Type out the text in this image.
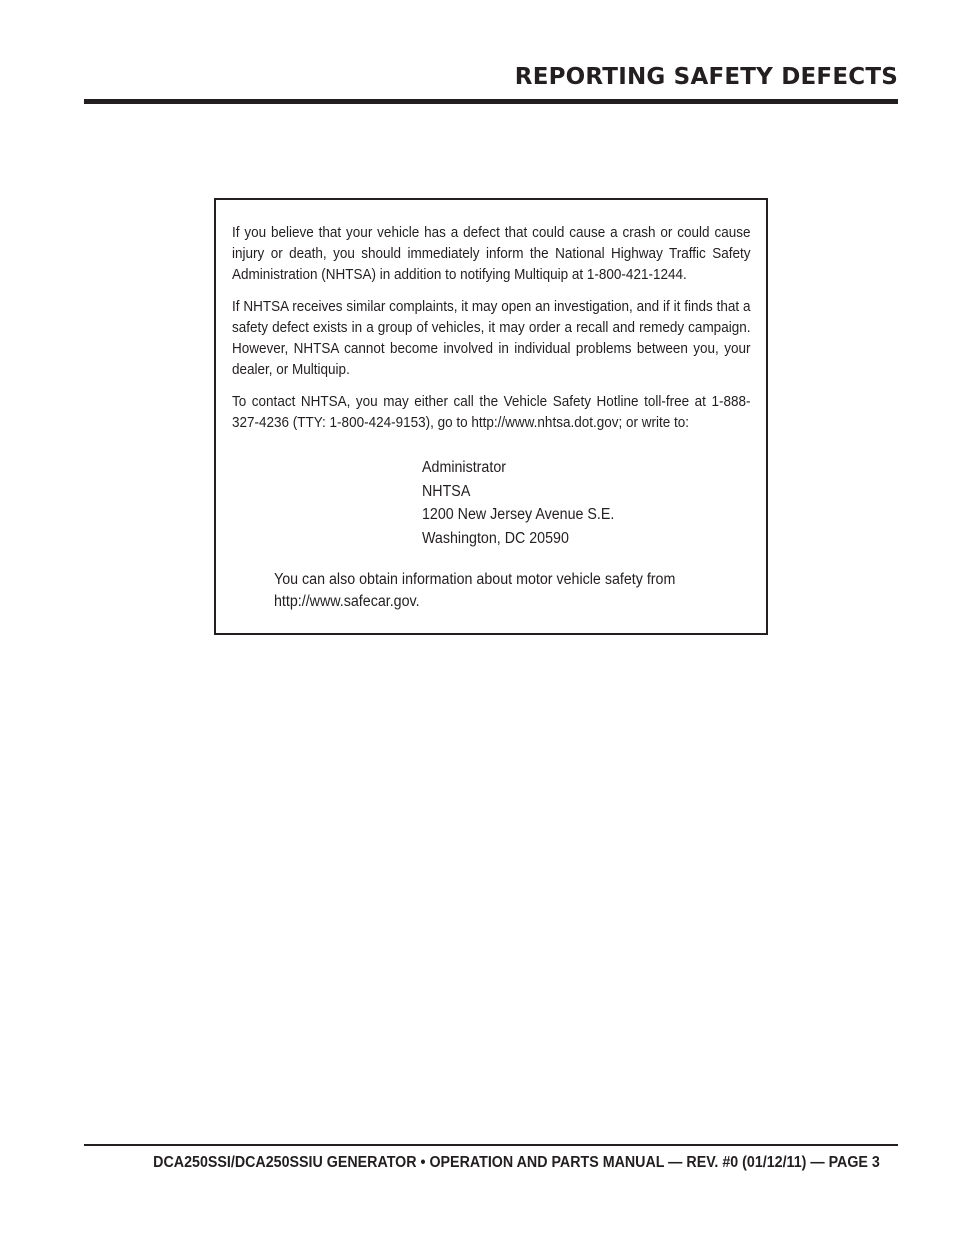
REPORTING SAFETY DEFECTS

If you believe that your vehicle has a defect that could cause a crash or could cause injury or death, you should immediately inform the National Highway Traffic Safety Administration (NHTSA) in addition to notifying Multiquip at 1-800-421-1244.

If NHTSA receives similar complaints, it may open an investigation, and if it finds that a safety defect exists in a group of vehicles, it may order a recall and remedy campaign. However, NHTSA cannot become involved in individual problems between you, your dealer, or Multiquip.

To contact NHTSA, you may either call the Vehicle Safety Hotline toll-free at 1-888-327-4236 (TTY: 1-800-424-9153), go to http://www.nhtsa.dot.gov; or write to:

Administrator
NHTSA
1200 New Jersey Avenue S.E.
Washington, DC 20590
You can also obtain information about motor vehicle safety from
http://www.safecar.gov.
DCA250SSI/DCA250SSIU GENERATOR • OPERATION AND PARTS MANUAL — REV. #0 (01/12/11) — PAGE 3
